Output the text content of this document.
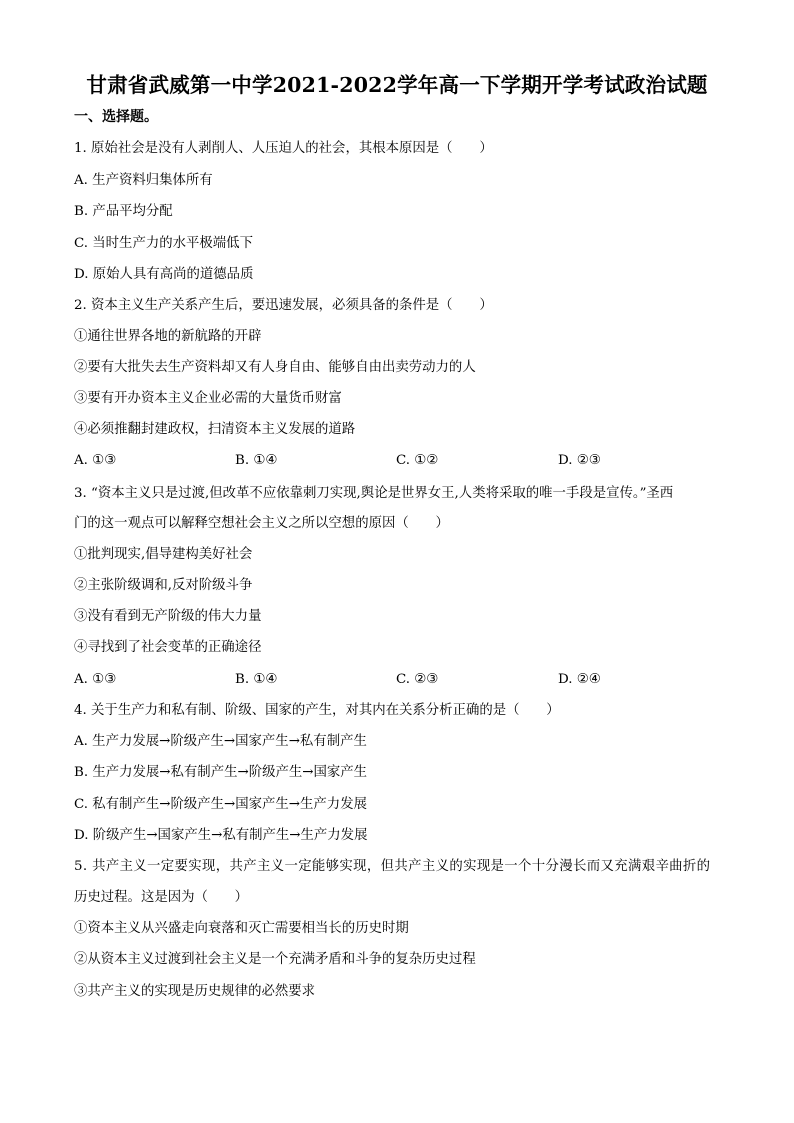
甘肃省武威第一中学2021-2022学年高一下学期开学考试政治试题
一、选择题。
1. 原始社会是没有人剥削人、人压迫人的社会，其根本原因是（　　）
A. 生产资料归集体所有
B. 产品平均分配
C. 当时生产力的水平极端低下
D. 原始人具有高尚的道德品质
2. 资本主义生产关系产生后，要迅速发展，必须具备的条件是（　　）
①通往世界各地的新航路的开辟
②要有大批失去生产资料却又有人身自由、能够自由出卖劳动力的人
③要有开办资本主义企业必需的大量货币财富
④必须推翻封建政权，扫清资本主义发展的道路
A. ①③	B. ①④	C. ①②	D. ②③
3. “资本主义只是过渡,但改革不应依靠刺刀实现,舆论是世界女王,人类将采取的唯一手段是宣传。”圣西
门的这一观点可以解释空想社会主义之所以空想的原因（　　）
①批判现实,倡导建构美好社会
②主张阶级调和,反对阶级斗争
③没有看到无产阶级的伟大力量
④寻找到了社会变革的正确途径
A. ①③	B. ①④	C. ②③	D. ②④
4. 关于生产力和私有制、阶级、国家的产生，对其内在关系分析正确的是（　　）
A. 生产力发展→阶级产生→国家产生→私有制产生
B. 生产力发展→私有制产生→阶级产生→国家产生
C. 私有制产生→阶级产生→国家产生→生产力发展
D. 阶级产生→国家产生→私有制产生→生产力发展
5. 共产主义一定要实现，共产主义一定能够实现，但共产主义的实现是一个十分漫长而又充满艰辛曲折的
历史过程。这是因为（　　）
①资本主义从兴盛走向衰落和灭亡需要相当长的历史时期
②从资本主义过渡到社会主义是一个充满矛盾和斗争的复杂历史过程
③共产主义的实现是历史规律的必然要求
